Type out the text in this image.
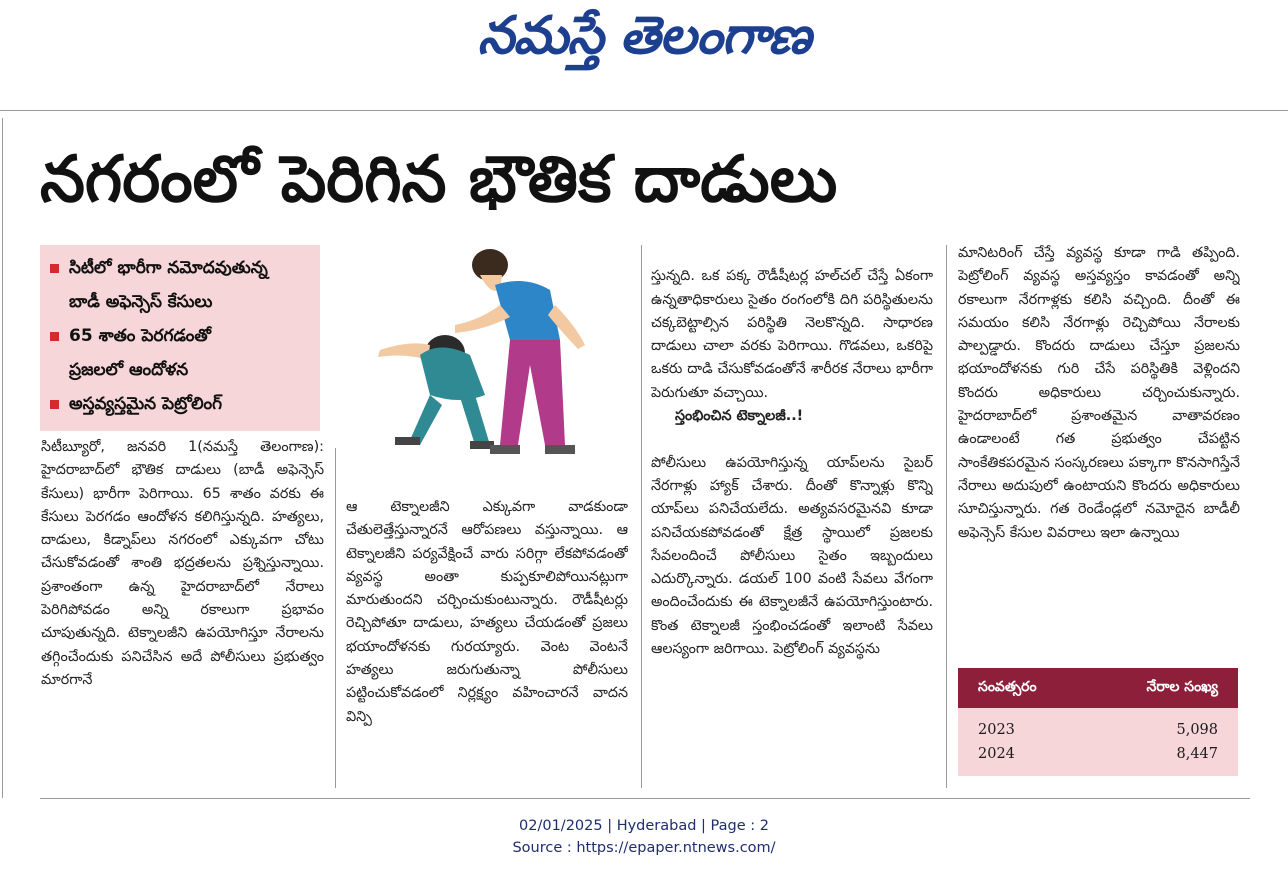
నమస్తే తెలంగాణ
నగరంలో పెరిగిన భౌతిక దాడులు
సిటీలో భారీగా నమోదవుతున్న
బాడీ అఫెన్సెస్‌ కేసులు
65 శాతం పెరగడంతో
ప్రజలలో ఆందోళన
అస్తవ్యస్తమైన పెట్రోలింగ్‌
సిటీబ్యూరో, జనవరి 1(నమస్తే తెలంగాణ): హైదరాబాద్‌లో భౌతిక దాడులు (బాడీ అఫెన్సెస్‌ కేసులు) భారీగా పెరిగాయి. 65 శాతం వరకు ఈ కేసులు పెరగడం ఆందోళన కలిగిస్తున్నది. హత్యలు, దాడులు, కిడ్నాప్‌లు నగరంలో ఎక్కువగా చోటు చేసుకోవడంతో శాంతి భద్రతలను ప్రశ్నిస్తున్నాయి. ప్రశాంతంగా ఉన్న హైదరాబాద్‌లో నేరాలు పెరిగిపోవడం అన్ని రకాలుగా ప్రభావం చూపుతున్నది. టెక్నాలజీని ఉపయోగిస్తూ నేరాలను తగ్గించేందుకు పనిచేసిన అదే పోలీసులు ప్రభుత్వం మారగానే
ఆ టెక్నాలజీని ఎక్కువగా వాడకుండా చేతులెత్తేస్తున్నారనే ఆరోపణలు వస్తున్నాయి. ఆ టెక్నాలజీని పర్యవేక్షించే వారు సరిగ్గా లేకపోవడంతో వ్యవస్థ అంతా కుప్పకూలిపోయినట్లుగా మారుతుందని చర్చించుకుంటున్నారు. రౌడీషీటర్లు రెచ్చిపోతూ దాడులు, హత్యలు చేయడంతో ప్రజలు భయాందోళనకు గురయ్యారు. వెంట వెంటనే హత్యలు జరుగుతున్నా పోలీసులు పట్టించుకోవడంలో నిర్లక్ష్యం వహించారనే వాదన విన్పి

స్తున్నది. ఒక పక్క రౌడీషీటర్ల హల్‌చల్‌ చేస్తే ఏకంగా ఉన్నతాధికారులు సైతం రంగంలోకి దిగి పరిస్థితులను చక్కబెట్టాల్సిన పరిస్థితి నెలకొన్నది. సాధారణ దాడులు చాలా వరకు పెరిగాయి. గొడవలు, ఒకరిపై ఒకరు దాడి చేసుకోవడంతోనే శారీరక నేరాలు భారీగా పెరుగుతూ వచ్చాయి.

స్తంభించిన టెక్నాలజీ..!

పోలీసులు ఉపయోగిస్తున్న యాప్‌లను సైబర్‌ నేరగాళ్లు హ్యాక్‌ చేశారు. దీంతో కొన్నాళ్లు కొన్ని యాప్‌లు పనిచేయలేదు. అత్యవసరమైనవి కూడా పనిచేయకపోవడంతో క్షేత్ర స్థాయిలో ప్రజలకు సేవలందించే పోలీసులు సైతం ఇబ్బందులు ఎదుర్కొన్నారు. డయల్‌ 100 వంటి సేవలు వేగంగా అందించేందుకు ఈ టెక్నాలజీనే ఉపయోగిస్తుంటారు. కొంత టెక్నాలజీ స్తంభించడంతో ఇలాంటి సేవలు ఆలస్యంగా జరిగాయి. పెట్రోలింగ్‌ వ్యవస్థను

మానిటరింగ్‌ చేస్తే వ్యవస్థ కూడా గాడి తప్పింది. పెట్రోలింగ్‌ వ్యవస్థ అస్తవ్యస్తం కావడంతో అన్ని రకాలుగా నేరగాళ్లకు కలిసి వచ్చింది. దీంతో ఈ సమయం కలిసి నేరగాళ్లు రెచ్చిపోయి నేరాలకు పాల్పడ్డారు. కొందరు దాడులు చేస్తూ ప్రజలను భయాందోళనకు గురి చేసే పరిస్థితికి వెళ్లిందని కొందరు అధికారులు చర్చించుకున్నారు. హైదరాబాద్‌లో ప్రశాంతమైన వాతావరణం ఉండాలంటే గత ప్రభుత్వం చేపట్టిన సాంకేతికపరమైన సంస్కరణలు పక్కాగా కొనసాగిస్తేనే నేరాలు అదుపులో ఉంటాయని కొందరు అధికారులు సూచిస్తున్నారు. గత రెండేండ్లలో నమోదైన బాడీలీ అఫెన్సెస్‌ కేసుల వివరాలు ఇలా ఉన్నాయి
సంవత్సరం	నేరాల సంఖ్య
2023	5,098
2024	8,447
02/01/2025 | Hyderabad | Page : 2
Source : https://epaper.ntnews.com/
